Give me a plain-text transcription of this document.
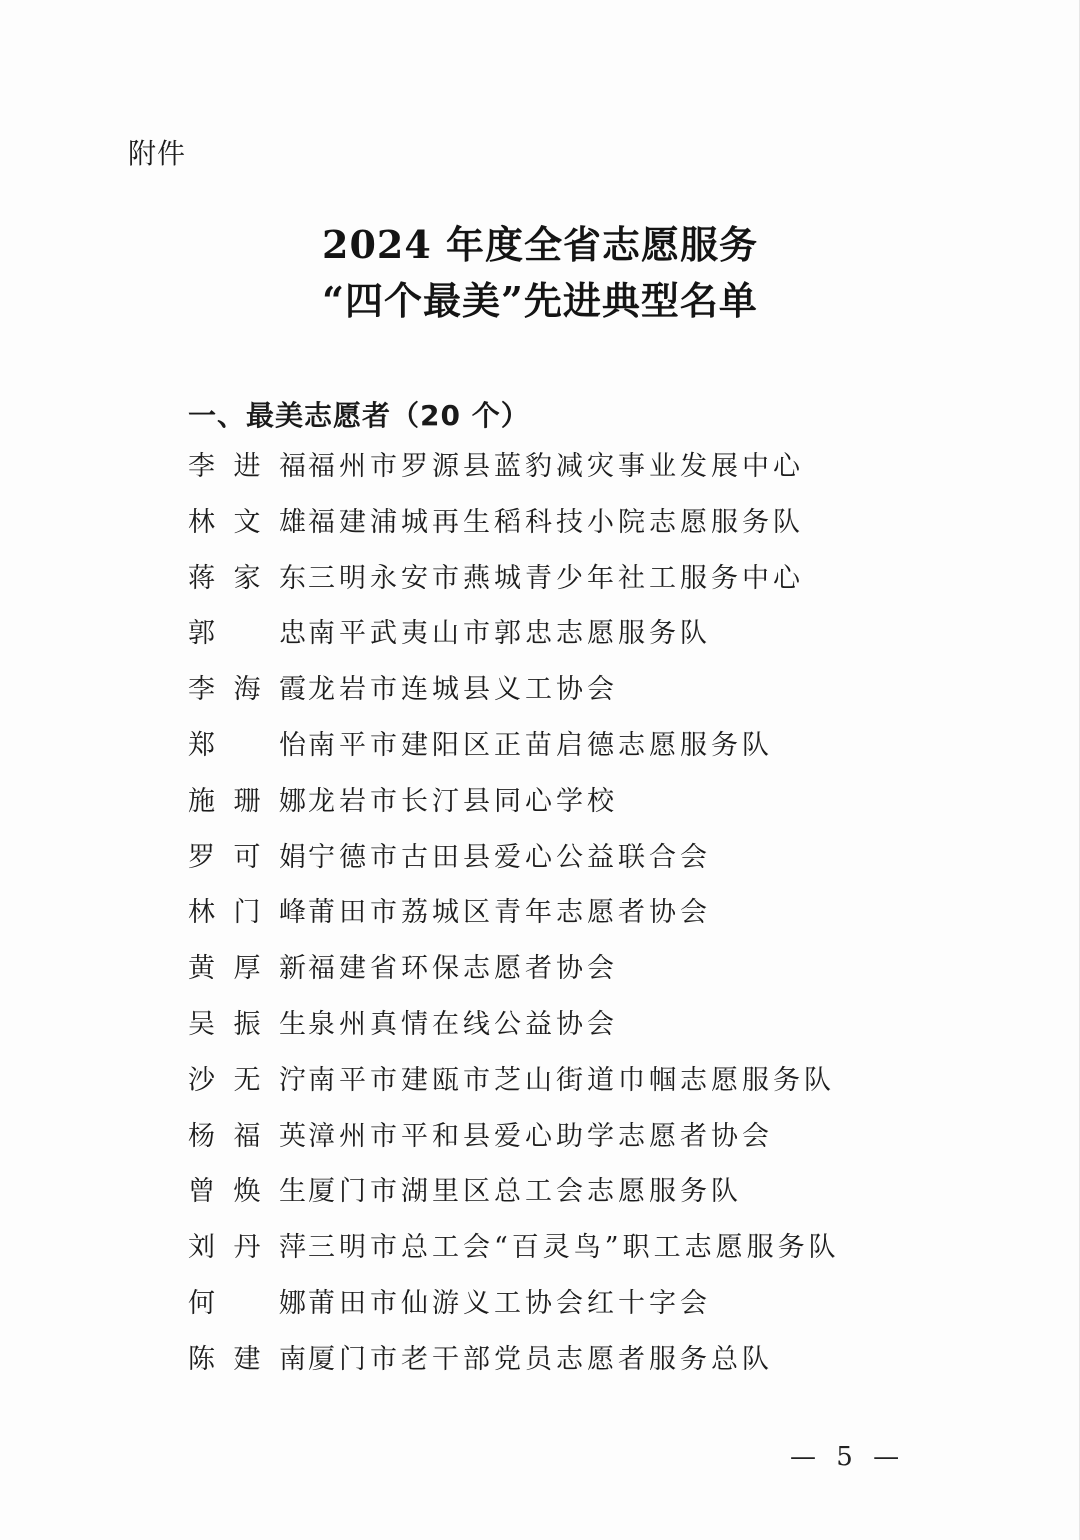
附件
2024 年度全省志愿服务
“四个最美”先进典型名单
一、最美志愿者（20 个）
李进福 福州市罗源县蓝豹减灾事业发展中心
林文雄 福建浦城再生稻科技小院志愿服务队
蒋家东 三明永安市燕城青少年社工服务中心
郭 忠 南平武夷山市郭忠志愿服务队
李海霞 龙岩市连城县义工协会
郑 怡 南平市建阳区正苗启德志愿服务队
施珊娜 龙岩市长汀县同心学校
罗可娟 宁德市古田县爱心公益联合会
林门峰 莆田市荔城区青年志愿者协会
黄厚新 福建省环保志愿者协会
吴振生 泉州真情在线公益协会
沙无泞 南平市建瓯市芝山街道巾帼志愿服务队
杨福英 漳州市平和县爱心助学志愿者协会
曾焕生 厦门市湖里区总工会志愿服务队
刘丹萍 三明市总工会“百灵鸟”职工志愿服务队
何 娜 莆田市仙游义工协会红十字会
陈建南 厦门市老干部党员志愿者服务总队
— 5 —
